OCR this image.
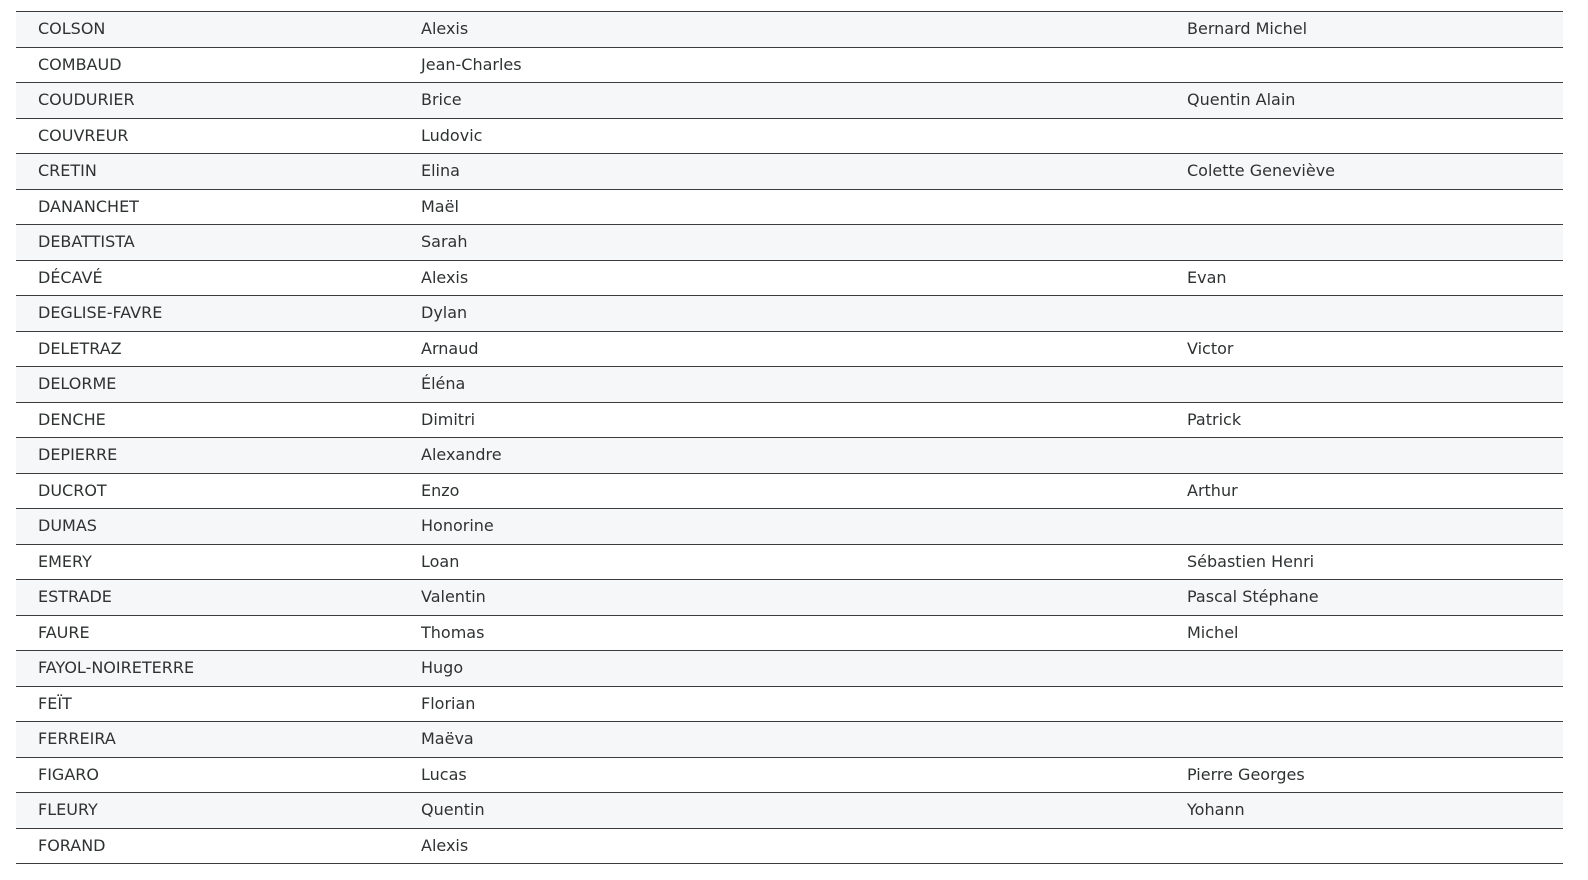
COLSON	Alexis	Bernard Michel
COMBAUD	Jean-Charles	
COUDURIER	Brice	Quentin Alain
COUVREUR	Ludovic	
CRETIN	Elina	Colette Geneviève
DANANCHET	Maël	
DEBATTISTA	Sarah	
DÉCAVÉ	Alexis	Evan
DEGLISE-FAVRE	Dylan	
DELETRAZ	Arnaud	Victor
DELORME	Éléna	
DENCHE	Dimitri	Patrick
DEPIERRE	Alexandre	
DUCROT	Enzo	Arthur
DUMAS	Honorine	
EMERY	Loan	Sébastien Henri
ESTRADE	Valentin	Pascal Stéphane
FAURE	Thomas	Michel
FAYOL-NOIRETERRE	Hugo	
FEÏT	Florian	
FERREIRA	Maëva	
FIGARO	Lucas	Pierre Georges
FLEURY	Quentin	Yohann
FORAND	Alexis	
